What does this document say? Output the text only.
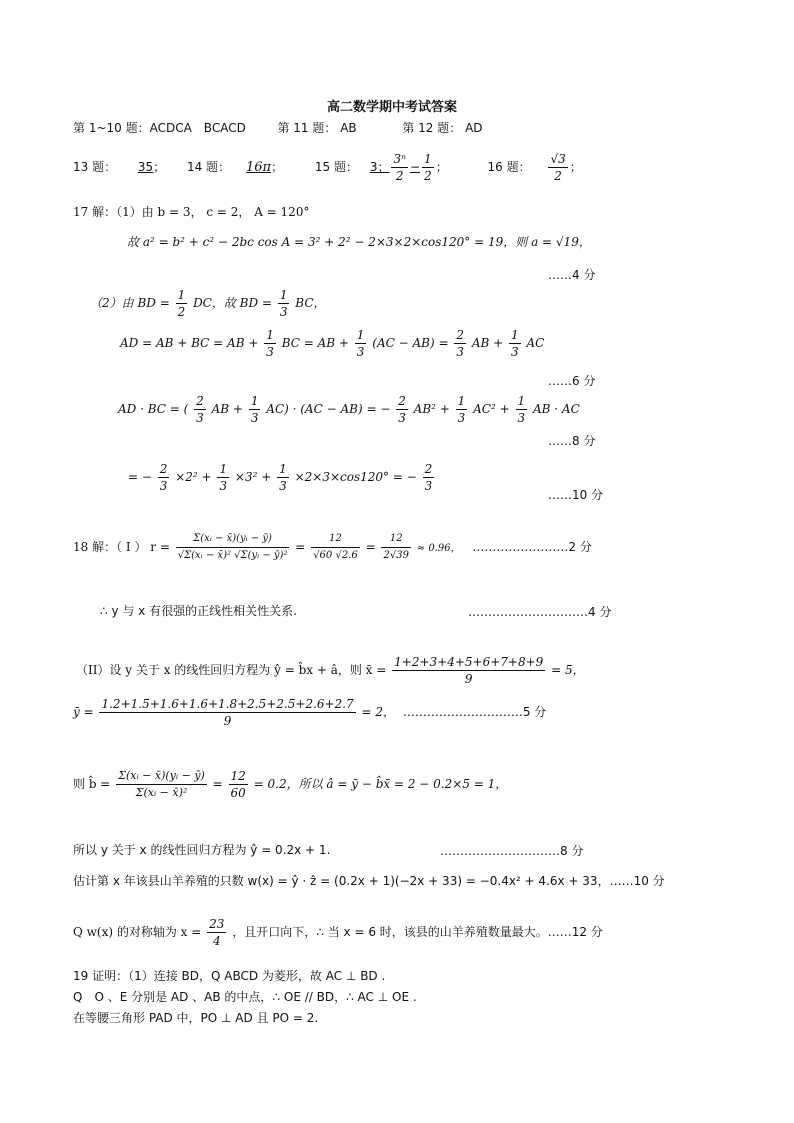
高二数学期中考试答案
第 1~10 题：ACDCA　BCACD	第 11 题： AB	第 12 题： AD
13 题： 35； 14 题： 16π；	15 题： 3； $\frac{\text{3ⁿ}}{2} - \frac{1}{2}$ ；	16 题： $\frac{√3}{2}$ ；
17 解：（1）由 b = 3， c = 2， A = 120°
故 a² = b² + c² − 2bc cos A = 3² + 2² − 2×3×2×cos120° = 19，则 a = √19，
……4 分
（2）由 BD = $\frac{1}{2}$ DC，故 BD = $\frac{1}{3}$ BC，
AD = AB + BC = AB + $\frac{1}{3}$ BC = AB + $\frac{1}{3} (AC - AB) = \frac{2}{3}$ AB + $\frac{1}{3}$ AC
……6 分
AD · BC = ( $\frac{2}{3}$ AB + $\frac{1}{3} AC) \cdot (AC - AB)$ = − $\frac{2}{3} AB^2 + \frac{1}{3} AC^2 + \frac{1}{3}$ AB · AC
……8 分
= − $\frac{2}{3} \times 2^2 + \frac{1}{3} \times 3^2 + \frac{1}{3} \times 2\times 3\times\cos 120^\circ$ = − $\frac{2}{3}$
……10 分
18 解：（ I ） $r = \frac{\text{Σ(xᵢ − x̄)(yᵢ − ȳ)}}{\text{√Σ(xᵢ − x̄)² √Σ(yᵢ − ȳ)²}} = \frac{12}{√60 √2.6} = \frac{12}{2√39} \approx 0.96$， ……………………2 分
∴ y 与 x 有很强的正线性相关性关系.	…………………………4 分
（II）设 y 关于 x 的线性回归方程为 ŷ = b̂x + â，则 x̄ = $\frac{1+2+3+4+5+6+7+8+9}{9} = 5$，
ȳ = $\frac{1.2+1.5+1.6+1.6+1.8+2.5+2.5+2.6+2.7}{9} = 2$， …………………………5 分
则 b̂ = $\frac{\text{Σ(xᵢ − x̄)(yᵢ − ȳ)}}{\text{Σ(xᵢ − x̄)²}} = \frac{12}{60} = 0.2$，所以 â = ȳ − b̂x̄ = 2 − 0.2×5 = 1，
所以 y 关于 x 的线性回归方程为 ŷ = 0.2x + 1.	…………………………8 分
估计第 x 年该县山羊养殖的只数 w(x) = ŷ · ẑ = (0.2x + 1)(−2x + 33) = −0.4x² + 4.6x + 33，……10 分
Q w(x) 的对称轴为 $x = \frac{23}{4}$ ，且开口向下，∴ 当 x = 6 时，该县的山羊养殖数量最大。……12 分
19 证明：（1）连接 BD，Q ABCD 为菱形，故 AC ⊥ BD .
Q　O 、E 分别是 AD 、AB 的中点，∴ OE // BD，∴ AC ⊥ OE .
在等腰三角形 PAD 中，PO ⊥ AD 且 PO = 2.
